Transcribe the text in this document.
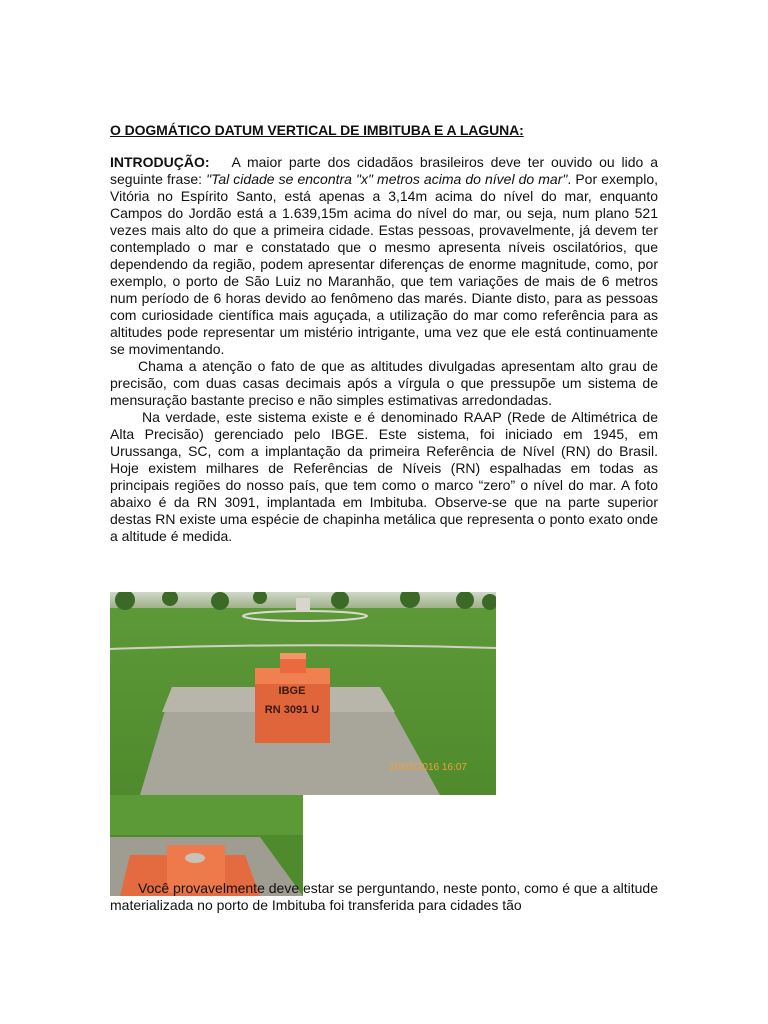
O DOGMÁTICO DATUM VERTICAL DE IMBITUBA E A LAGUNA:

INTRODUÇÃO: A maior parte dos cidadãos brasileiros deve ter ouvido ou lido a seguinte frase: "Tal cidade se encontra "x" metros acima do nível do mar". Por exemplo, Vitória no Espírito Santo, está apenas a 3,14m acima do nível do mar, enquanto Campos do Jordão está a 1.639,15m acima do nível do mar, ou seja, num plano 521 vezes mais alto do que a primeira cidade. Estas pessoas, provavelmente, já devem ter contemplado o mar e constatado que o mesmo apresenta níveis oscilatórios, que dependendo da região, podem apresentar diferenças de enorme magnitude, como, por exemplo, o porto de São Luiz no Maranhão, que tem variações de mais de 6 metros num período de 6 horas devido ao fenômeno das marés. Diante disto, para as pessoas com curiosidade científica mais aguçada, a utilização do mar como referência para as altitudes pode representar um mistério intrigante, uma vez que ele está continuamente se movimentando.

Chama a atenção o fato de que as altitudes divulgadas apresentam alto grau de precisão, com duas casas decimais após a vírgula o que pressupõe um sistema de mensuração bastante preciso e não simples estimativas arredondadas.

Na verdade, este sistema existe e é denominado RAAP (Rede de Altimétrica de Alta Precisão) gerenciado pelo IBGE. Este sistema, foi iniciado em 1945, em Urussanga, SC, com a implantação da primeira Referência de Nível (RN) do Brasil. Hoje existem milhares de Referências de Níveis (RN) espalhadas em todas as principais regiões do nosso país, que tem como o marco “zero” o nível do mar. A foto abaixo é da RN 3091, implantada em Imbituba. Observe-se que na parte superior destas RN existe uma espécie de chapinha metálica que representa o ponto exato onde a altitude é medida.

IBGE
RN 3091 U
10/02/2016 16:07

Você provavelmente deve estar se perguntando, neste ponto, como é que a altitude materializada no porto de Imbituba foi transferida para cidades tão
